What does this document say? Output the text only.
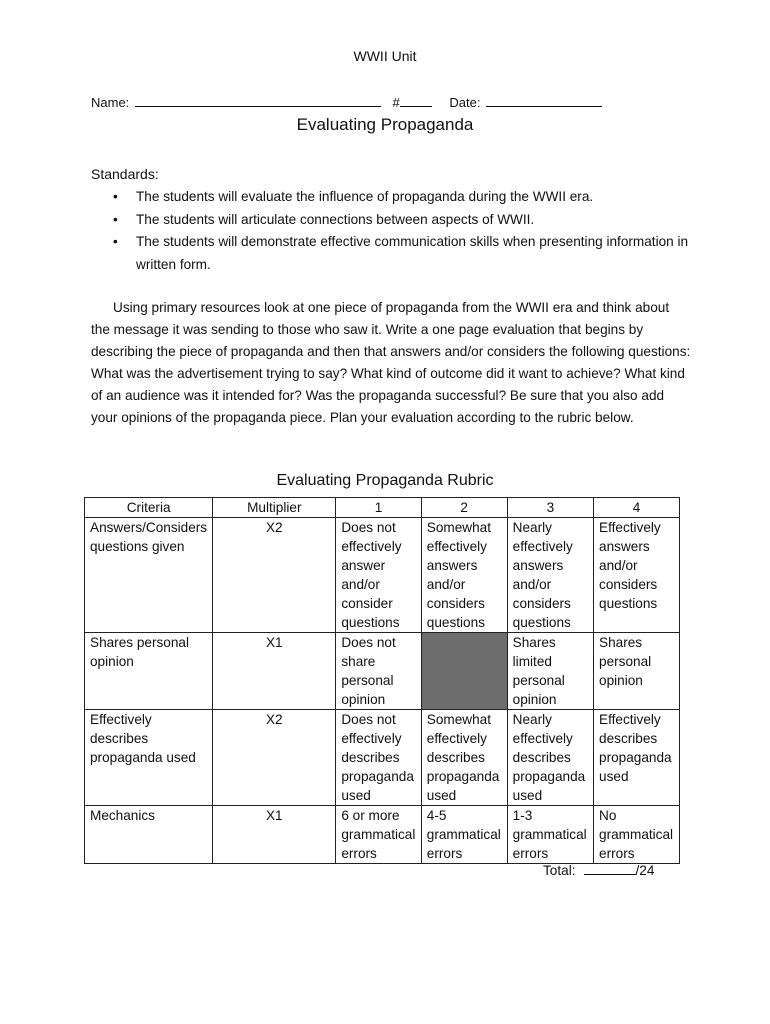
WWII Unit
Name:	#	Date:
Evaluating Propaganda
Standards:
• The students will evaluate the influence of propaganda during the WWII era.
• The students will articulate connections between aspects of WWII.
• The students will demonstrate effective communication skills when presenting information in written form.
Using primary resources look at one piece of propaganda from the WWII era and think about the message it was sending to those who saw it. Write a one page evaluation that begins by describing the piece of propaganda and then that answers and/or considers the following questions: What was the advertisement trying to say? What kind of outcome did it want to achieve? What kind of an audience was it intended for? Was the propaganda successful? Be sure that you also add your opinions of the propaganda piece. Plan your evaluation according to the rubric below.
Evaluating Propaganda Rubric
Criteria	Multiplier	1	2	3	4
Answers/Considers questions given	X2	Does not effectively answer and/or consider questions	Somewhat effectively answers and/or considers questions	Nearly effectively answers and/or considers questions	Effectively answers and/or considers questions
Shares personal opinion	X1	Does not share personal opinion		Shares limited personal opinion	Shares personal opinion
Effectively describes propaganda used	X2	Does not effectively describes propaganda used	Somewhat effectively describes propaganda used	Nearly effectively describes propaganda used	Effectively describes propaganda used
Mechanics	X1	6 or more grammatical errors	4-5 grammatical errors	1-3 grammatical errors	No grammatical errors
Total:	/24
